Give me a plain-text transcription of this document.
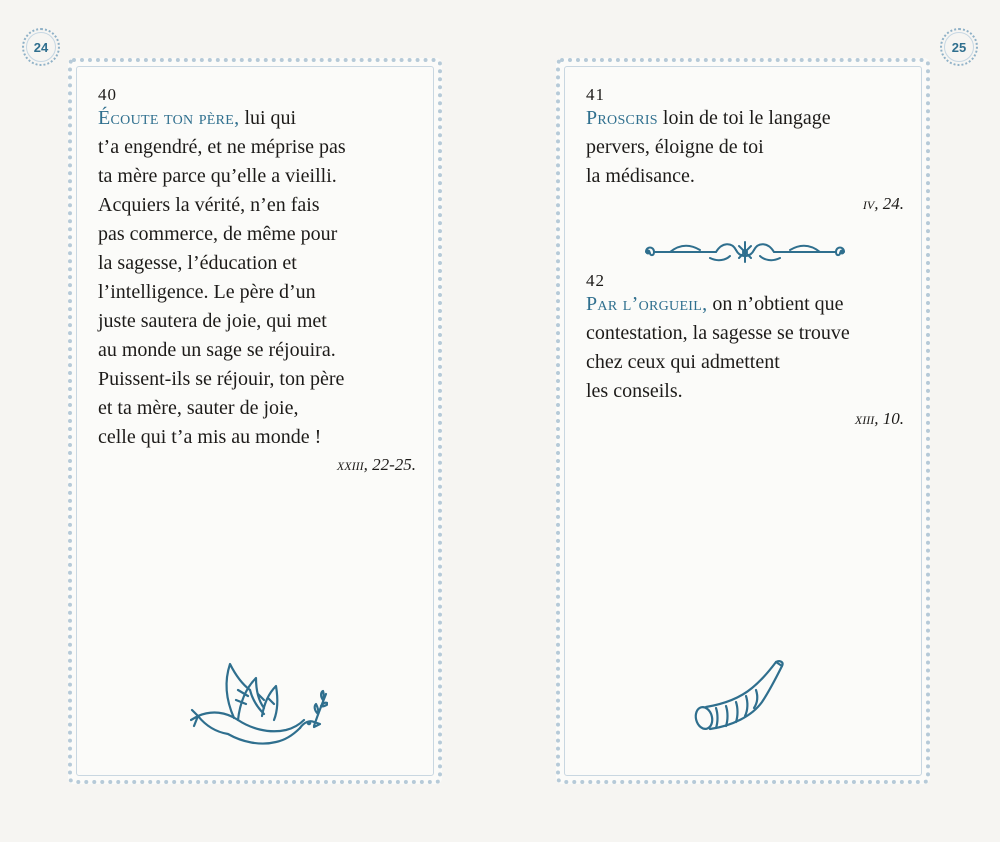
24	25
40

Écoute ton père, lui qui
t’a engendré, et ne méprise pas
ta mère parce qu’elle a vieilli.
Acquiers la vérité, n’en fais
pas commerce, de même pour
la sagesse, l’éducation et
l’intelligence. Le père d’un
juste sautera de joie, qui met
au monde un sage se réjouira.
Puissent-ils se réjouir, ton père
et ta mère, sauter de joie,
celle qui t’a mis au monde !

xxiii, 22-25.
41

Proscris loin de toi le langage
pervers, éloigne de toi
la médisance.

iv, 24.
42

Par l’orgueil, on n’obtient que
contestation, la sagesse se trouve
chez ceux qui admettent
les conseils.

xiii, 10.
